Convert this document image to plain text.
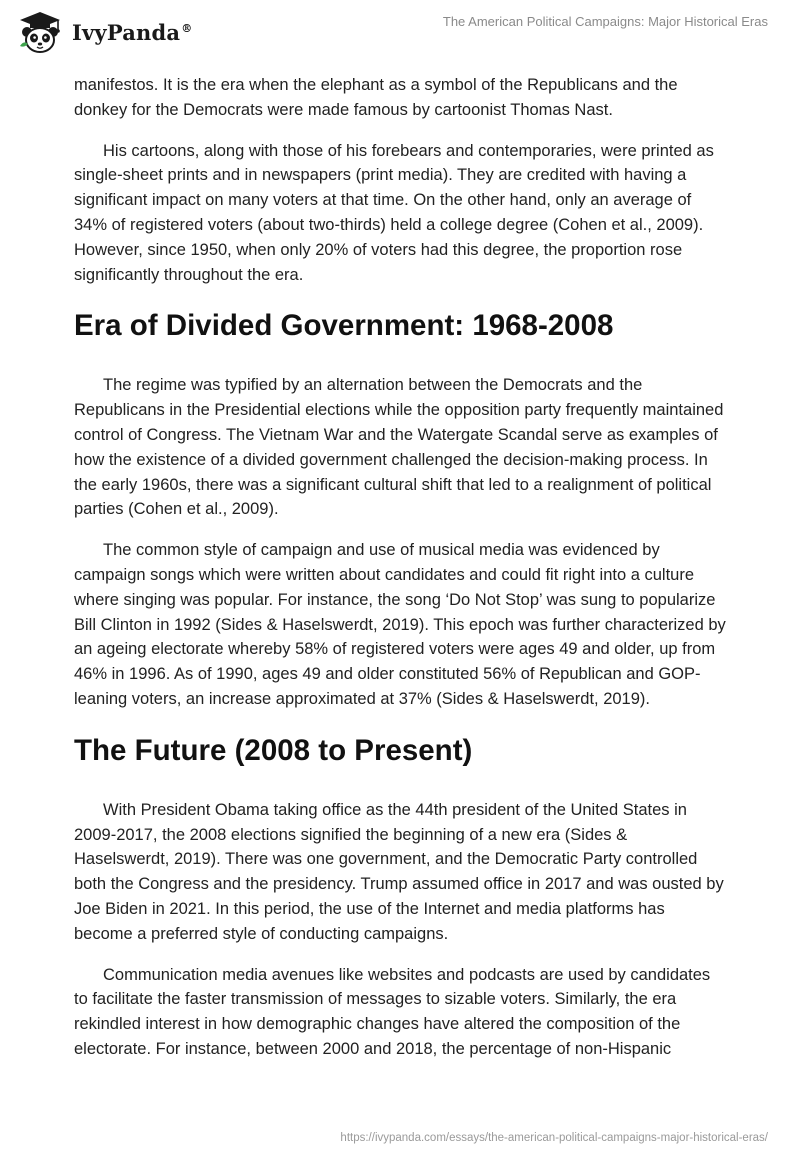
IvyPanda®	The American Political Campaigns: Major Historical Eras

manifestos. It is the era when the elephant as a symbol of the Republicans and the donkey for the Democrats were made famous by cartoonist Thomas Nast.

His cartoons, along with those of his forebears and contemporaries, were printed as single-sheet prints and in newspapers (print media). They are credited with having a significant impact on many voters at that time. On the other hand, only an average of 34% of registered voters (about two-thirds) held a college degree (Cohen et al., 2009). However, since 1950, when only 20% of voters had this degree, the proportion rose significantly throughout the era.

Era of Divided Government: 1968-2008

The regime was typified by an alternation between the Democrats and the Republicans in the Presidential elections while the opposition party frequently maintained control of Congress. The Vietnam War and the Watergate Scandal serve as examples of how the existence of a divided government challenged the decision-making process. In the early 1960s, there was a significant cultural shift that led to a realignment of political parties (Cohen et al., 2009).

The common style of campaign and use of musical media was evidenced by campaign songs which were written about candidates and could fit right into a culture where singing was popular. For instance, the song ‘Do Not Stop’ was sung to popularize Bill Clinton in 1992 (Sides & Haselswerdt, 2019). This epoch was further characterized by an ageing electorate whereby 58% of registered voters were ages 49 and older, up from 46% in 1996. As of 1990, ages 49 and older constituted 56% of Republican and GOP-leaning voters, an increase approximated at 37% (Sides & Haselswerdt, 2019).

The Future (2008 to Present)

With President Obama taking office as the 44th president of the United States in 2009-2017, the 2008 elections signified the beginning of a new era (Sides & Haselswerdt, 2019). There was one government, and the Democratic Party controlled both the Congress and the presidency. Trump assumed office in 2017 and was ousted by Joe Biden in 2021. In this period, the use of the Internet and media platforms has become a preferred style of conducting campaigns.

Communication media avenues like websites and podcasts are used by candidates to facilitate the faster transmission of messages to sizable voters. Similarly, the era rekindled interest in how demographic changes have altered the composition of the electorate. For instance, between 2000 and 2018, the percentage of non-Hispanic

https://ivypanda.com/essays/the-american-political-campaigns-major-historical-eras/
